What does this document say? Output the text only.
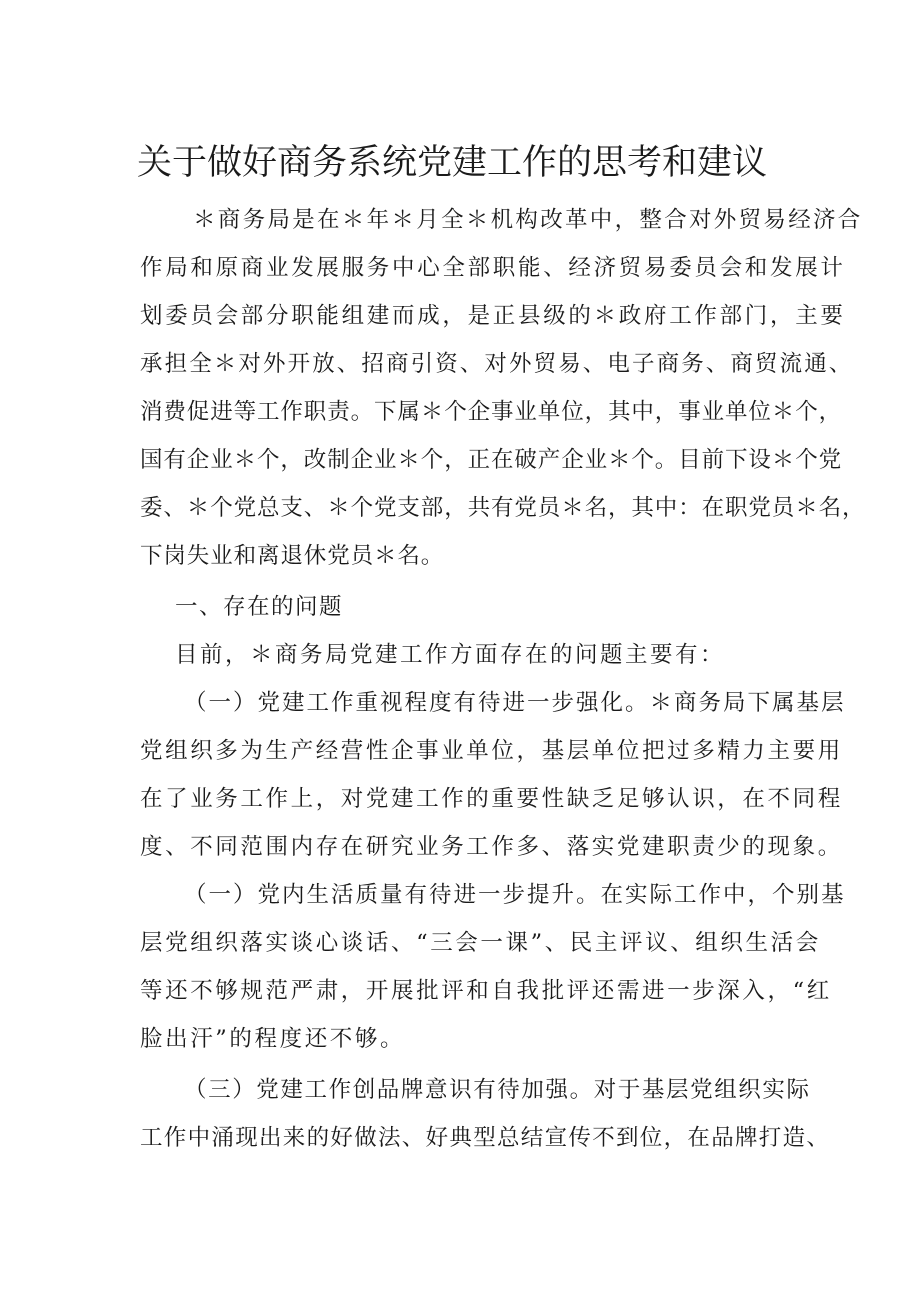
关于做好商务系统党建工作的思考和建议
＊商务局是在＊年＊月全＊机构改革中，整合对外贸易经济合
作局和原商业发展服务中心全部职能、经济贸易委员会和发展计
划委员会部分职能组建而成，是正县级的＊政府工作部门，主要
承担全＊对外开放、招商引资、对外贸易、电子商务、商贸流通、
消费促进等工作职责。下属＊个企事业单位，其中，事业单位＊个，
国有企业＊个，改制企业＊个，正在破产企业＊个。目前下设＊个党
委、＊个党总支、＊个党支部，共有党员＊名，其中：在职党员＊名，
下岗失业和离退休党员＊名。
一、存在的问题
目前，＊商务局党建工作方面存在的问题主要有：
（一）党建工作重视程度有待进一步强化。＊商务局下属基层
党组织多为生产经营性企事业单位，基层单位把过多精力主要用
在了业务工作上，对党建工作的重要性缺乏足够认识，在不同程
度、不同范围内存在研究业务工作多、落实党建职责少的现象。
（一）党内生活质量有待进一步提升。在实际工作中，个别基
层党组织落实谈心谈话、“三会一课”、民主评议、组织生活会
等还不够规范严肃，开展批评和自我批评还需进一步深入，“红
脸出汗”的程度还不够。
（三）党建工作创品牌意识有待加强。对于基层党组织实际
工作中涌现出来的好做法、好典型总结宣传不到位，在品牌打造、
